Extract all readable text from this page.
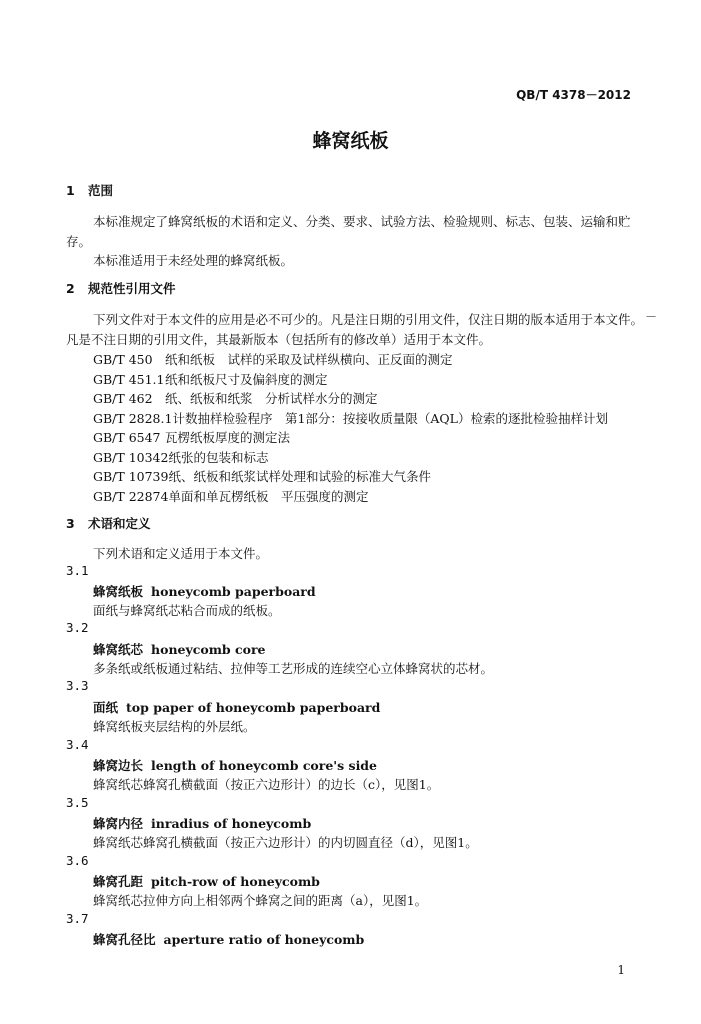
QB/T 4378－2012
蜂窝纸板
1 范围
本标准规定了蜂窝纸板的术语和定义、分类、要求、试验方法、检验规则、标志、包装、运输和贮
存。
本标准适用于未经处理的蜂窝纸板。
2 规范性引用文件
下列文件对于本文件的应用是必不可少的。凡是注日期的引用文件，仅注日期的版本适用于本文件。 －
凡是不注日期的引用文件，其最新版本（包括所有的修改单）适用于本文件。
GB/T 450 纸和纸板　试样的采取及试样纵横向、正反面的测定
GB/T 451.1纸和纸板尺寸及偏斜度的测定
GB/T 462 纸、纸板和纸浆　分析试样水分的测定
GB/T 2828.1计数抽样检验程序　第1部分：按接收质量限（AQL）检索的逐批检验抽样计划
GB/T 6547 瓦楞纸板厚度的测定法
GB/T 10342纸张的包装和标志
GB/T 10739纸、纸板和纸浆试样处理和试验的标准大气条件
GB/T 22874单面和单瓦楞纸板　平压强度的测定
3 术语和定义
下列术语和定义适用于本文件。
3.1
蜂窝纸板 honeycomb paperboard
面纸与蜂窝纸芯粘合而成的纸板。
3.2
蜂窝纸芯 honeycomb core
多条纸或纸板通过粘结、拉伸等工艺形成的连续空心立体蜂窝状的芯材。
3.3
面纸 top paper of honeycomb paperboard
蜂窝纸板夹层结构的外层纸。
3.4
蜂窝边长 length of honeycomb core's side
蜂窝纸芯蜂窝孔横截面（按正六边形计）的边长（c），见图1。
3.5
蜂窝内径 inradius of honeycomb
蜂窝纸芯蜂窝孔横截面（按正六边形计）的内切圆直径（d），见图1。
3.6
蜂窝孔距 pitch-row of honeycomb
蜂窝纸芯拉伸方向上相邻两个蜂窝之间的距离（a），见图1。
3.7
蜂窝孔径比 aperture ratio of honeycomb
1
